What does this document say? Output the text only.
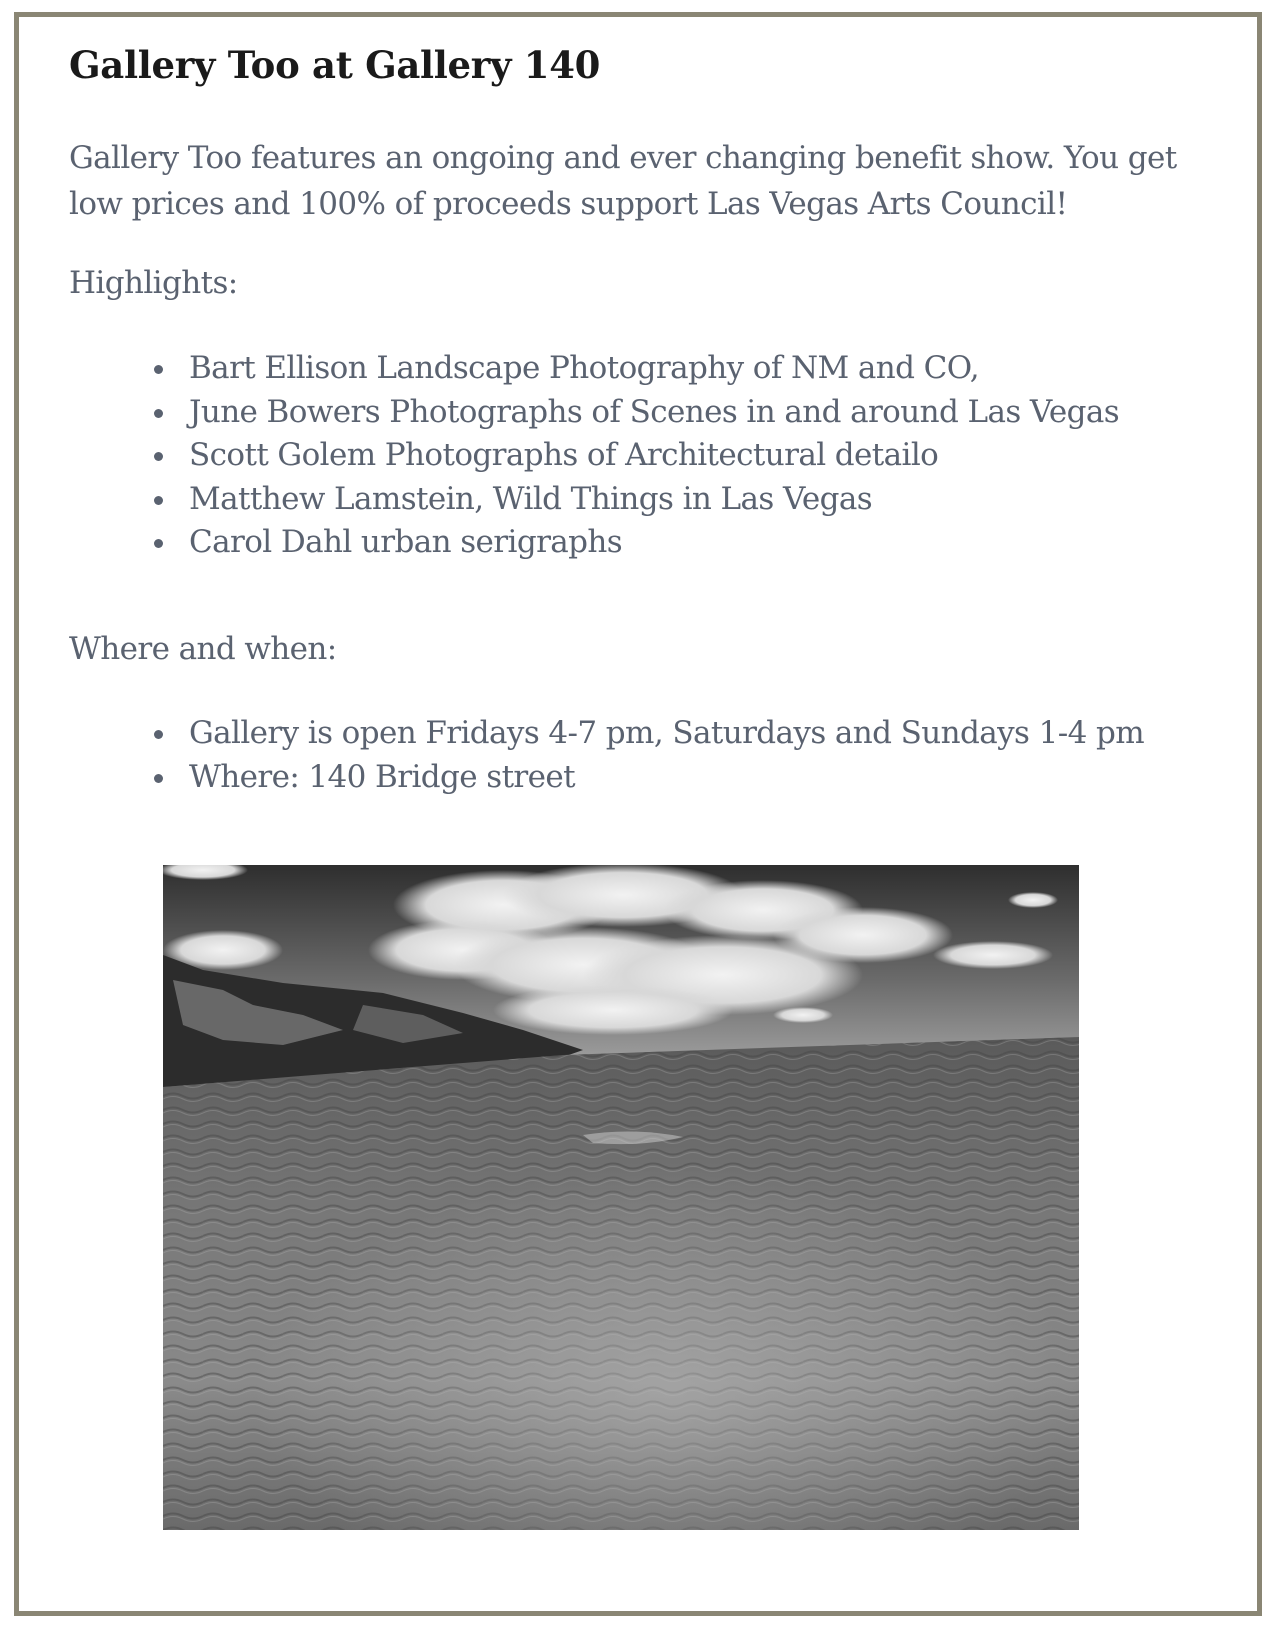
Gallery Too at Gallery 140

Gallery Too features an ongoing and ever changing benefit show. You get low prices and 100% of proceeds support Las Vegas Arts Council!

Highlights:

Bart Ellison Landscape Photography of NM and CO,
June Bowers Photographs of Scenes in and around Las Vegas
Scott Golem Photographs of Architectural detailo
Matthew Lamstein, Wild Things in Las Vegas
Carol Dahl urban serigraphs

Where and when:

Gallery is open Fridays 4-7 pm, Saturdays and Sundays 1-4 pm
Where: 140 Bridge street
